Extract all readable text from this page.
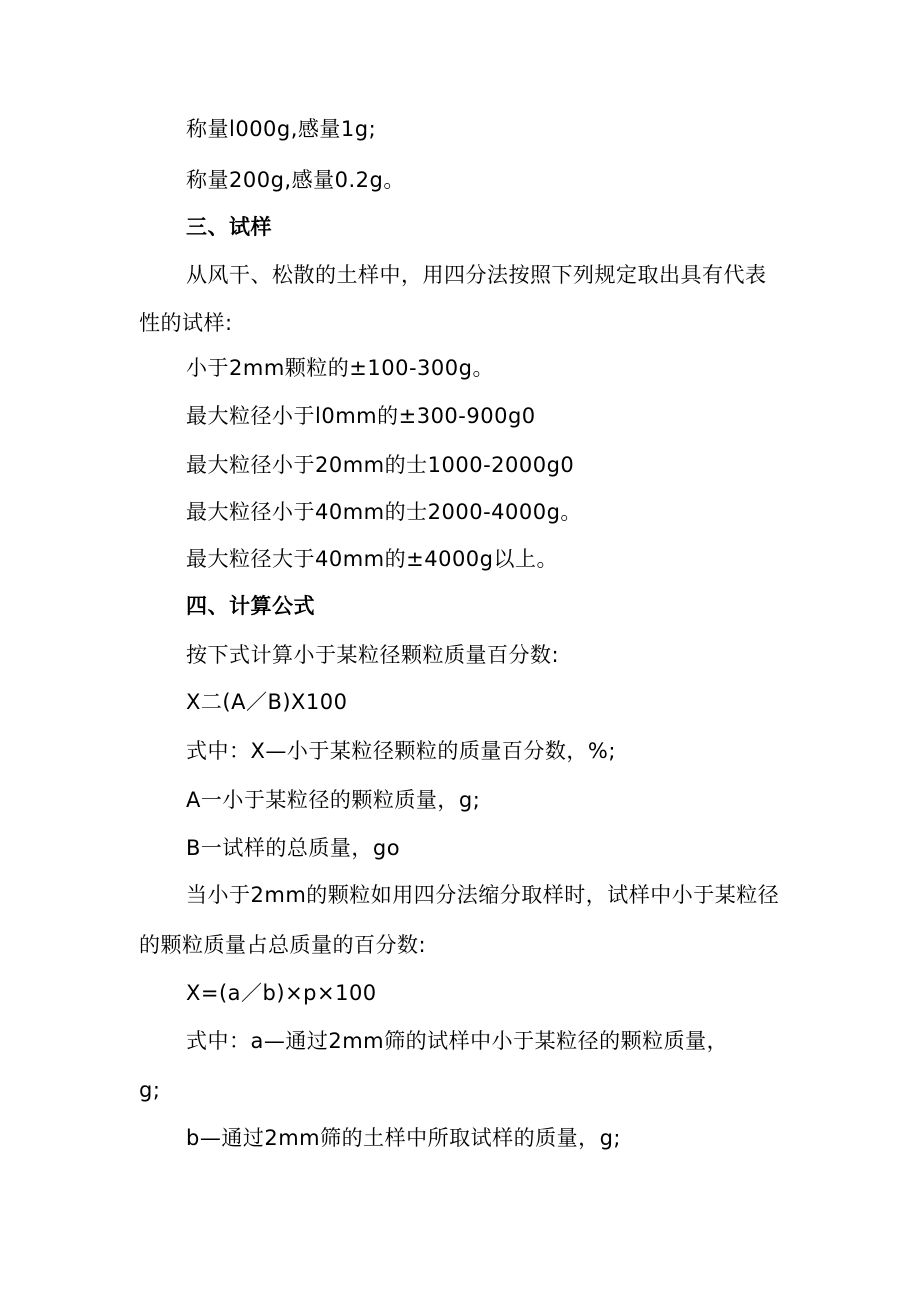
称量l000g,感量1g;
称量200g,感量0.2g。
三、试样
从风干、松散的土样中，用四分法按照下列规定取出具有代表
性的试样:
小于2mm颗粒的±100-300g。
最大粒径小于l0mm的±300-900g0
最大粒径小于20mm的士1000-2000g0
最大粒径小于40mm的士2000-4000g。
最大粒径大于40mm的±4000g以上。
四、计算公式
按下式计算小于某粒径颗粒质量百分数:
X二(A／B)X100
式中：X—小于某粒径颗粒的质量百分数，%;
A一小于某粒径的颗粒质量，g;
B一试样的总质量，go
当小于2mm的颗粒如用四分法缩分取样时，试样中小于某粒径
的颗粒质量占总质量的百分数:
X=(a／b)×p×100
式中：a—通过2mm筛的试样中小于某粒径的颗粒质量，
g;
b—通过2mm筛的土样中所取试样的质量，g;
